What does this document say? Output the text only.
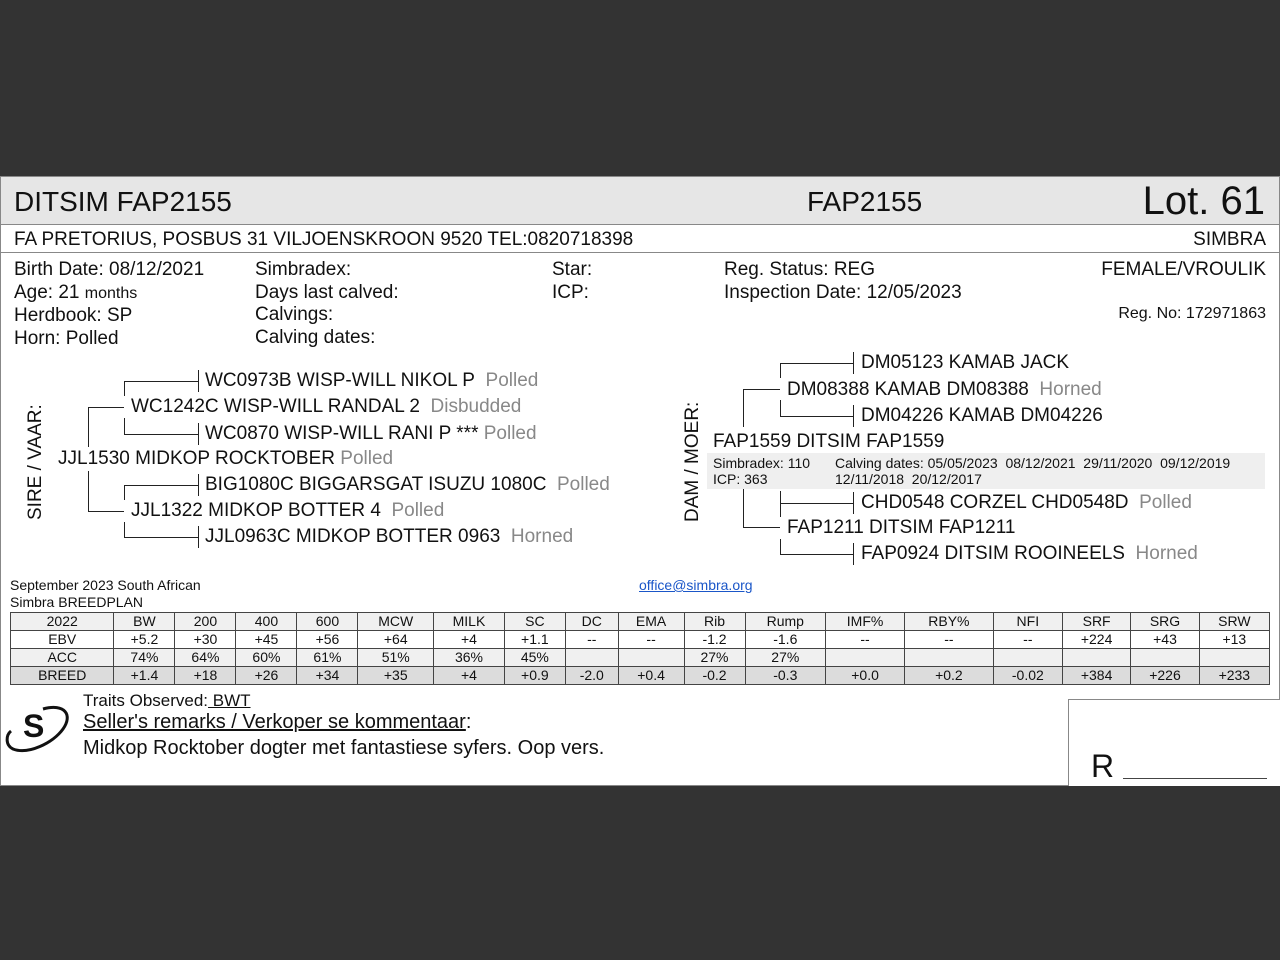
DITSIM FAP2155	FAP2155	Lot. 61
FA PRETORIUS, POSBUS 31 VILJOENSKROON 9520 TEL:0820718398	SIMBRA
Birth Date: 08/12/2021
Age: 21 months
Herdbook: SP
Horn: Polled
Simbradex:
Days last calved:
Calvings:
Calving dates:
Star:
ICP:
Reg. Status: REG
Inspection Date: 12/05/2023
FEMALE/VROULIK
Reg. No: 172971863
SIRE / VAAR:
WC0973B WISP-WILL NIKOL P Polled
WC1242C WISP-WILL RANDAL 2 Disbudded
WC0870 WISP-WILL RANI P *** Polled
JJL1530 MIDKOP ROCKTOBER Polled
BIG1080C BIGGARSGAT ISUZU 1080C Polled
JJL1322 MIDKOP BOTTER 4 Polled
JJL0963C MIDKOP BOTTER 0963 Horned
DAM / MOER:
DM05123 KAMAB JACK
DM08388 KAMAB DM08388 Horned
DM04226 KAMAB DM04226
FAP1559 DITSIM FAP1559
Simbradex: 110
ICP: 363
Calving dates: 05/05/2023  08/12/2021  29/11/2020  09/12/2019
12/11/2018  20/12/2017
CHD0548 CORZEL CHD0548D Polled
FAP1211 DITSIM FAP1211
FAP0924 DITSIM ROOINEELS Horned
September 2023 South African
Simbra BREEDPLAN
office@simbra.org
2022	BW	200	400	600	MCW	MILK	SC	DC	EMA	Rib	Rump	IMF%	RBY%	NFI	SRF	SRG	SRW
EBV	+5.2	+30	+45	+56	+64	+4	+1.1	--	--	-1.2	-1.6	--	--	--	+224	+43	+13
ACC	74%	64%	60%	61%	51%	36%	45%			27%	27%						
BREED	+1.4	+18	+26	+34	+35	+4	+0.9	-2.0	+0.4	-0.2	-0.3	+0.0	+0.2	-0.02	+384	+226	+233
S
Traits Observed: BWT
Seller's remarks / Verkoper se kommentaar:
Midkop Rocktober dogter met fantastiese syfers. Oop vers.	R
